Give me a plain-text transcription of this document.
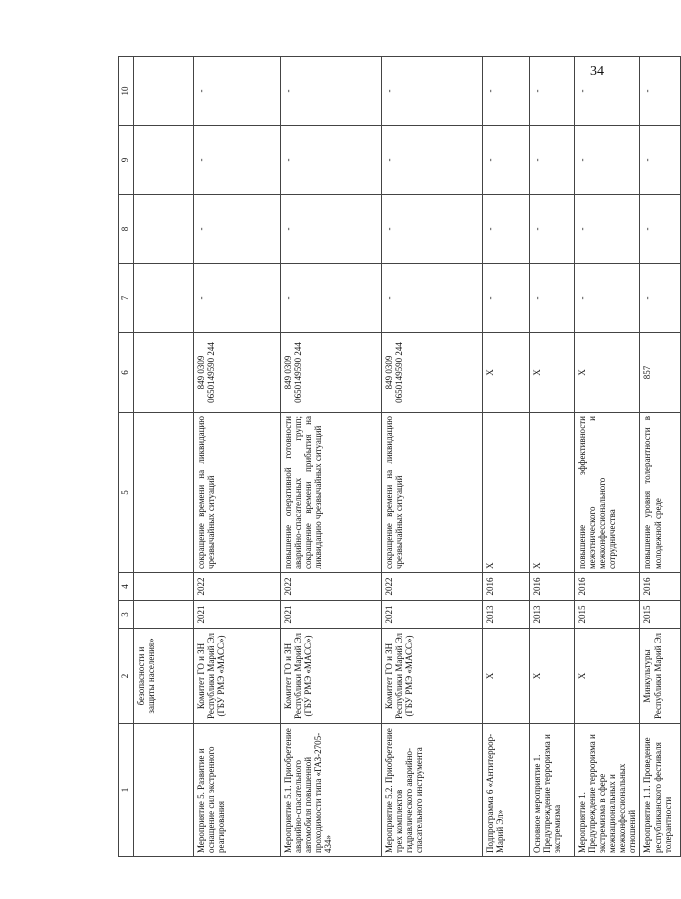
34
1	2	3	4	5	6	7	8	9	10
	безопасности и защиты населения»								
Мероприятие 5. Развитие и оснащение сил экстренного реагирования	Комитет ГО и ЗН Республики Марий Эл (ГБУ РМЭ «МАСС»)	2021	2022	сокращение времени на ликвидацию чрезвычайных ситуаций	849 0309 0650149590 244	-	-	-	-
Мероприятие 5.1. Приобретение аварийно-спасательного автомобиля повышенной проходимости типа «ГАЗ-2705-434»	Комитет ГО и ЗН Республики Марий Эл (ГБУ РМЭ «МАСС»)	2021	2022	повышение оперативной готовности аварийно-спасательных групп; сокращение времени прибытия на ликвидацию чрезвычайных ситуаций	849 0309 0650149590 244	-	-	-	-
Мероприятие 5.2. Приобретение трех комплектов гидравлического аварийно-спасательного инструмента	Комитет ГО и ЗН Республики Марий Эл (ГБУ РМЭ «МАСС»)	2021	2022	сокращение времени на ликвидацию чрезвычайных ситуаций	849 0309 0650149590 244	-	-	-	-
Подпрограмма 6 «Антитеррор-Марий Эл»	Х	2013	2016	Х	Х	-	-	-	-
Основное мероприятие 1. Предупреждение терроризма и экстремизма	Х	2013	2016	Х	Х	-	-	-	-
Мероприятие 1. Предупреждение терроризма и экстремизма в сфере межнациональных и межконфессиональных отношений	Х	2015	2016	повышение эффективности межэтнического и межконфессионального сотрудничества	Х	-	-	-	-
Мероприятие 1.1. Проведение республиканского фестиваля толерантности	Минкультуры Республики Марий Эл	2015	2016	повышение уровня толерантности в молодежной среде	857	-	-	-	-
